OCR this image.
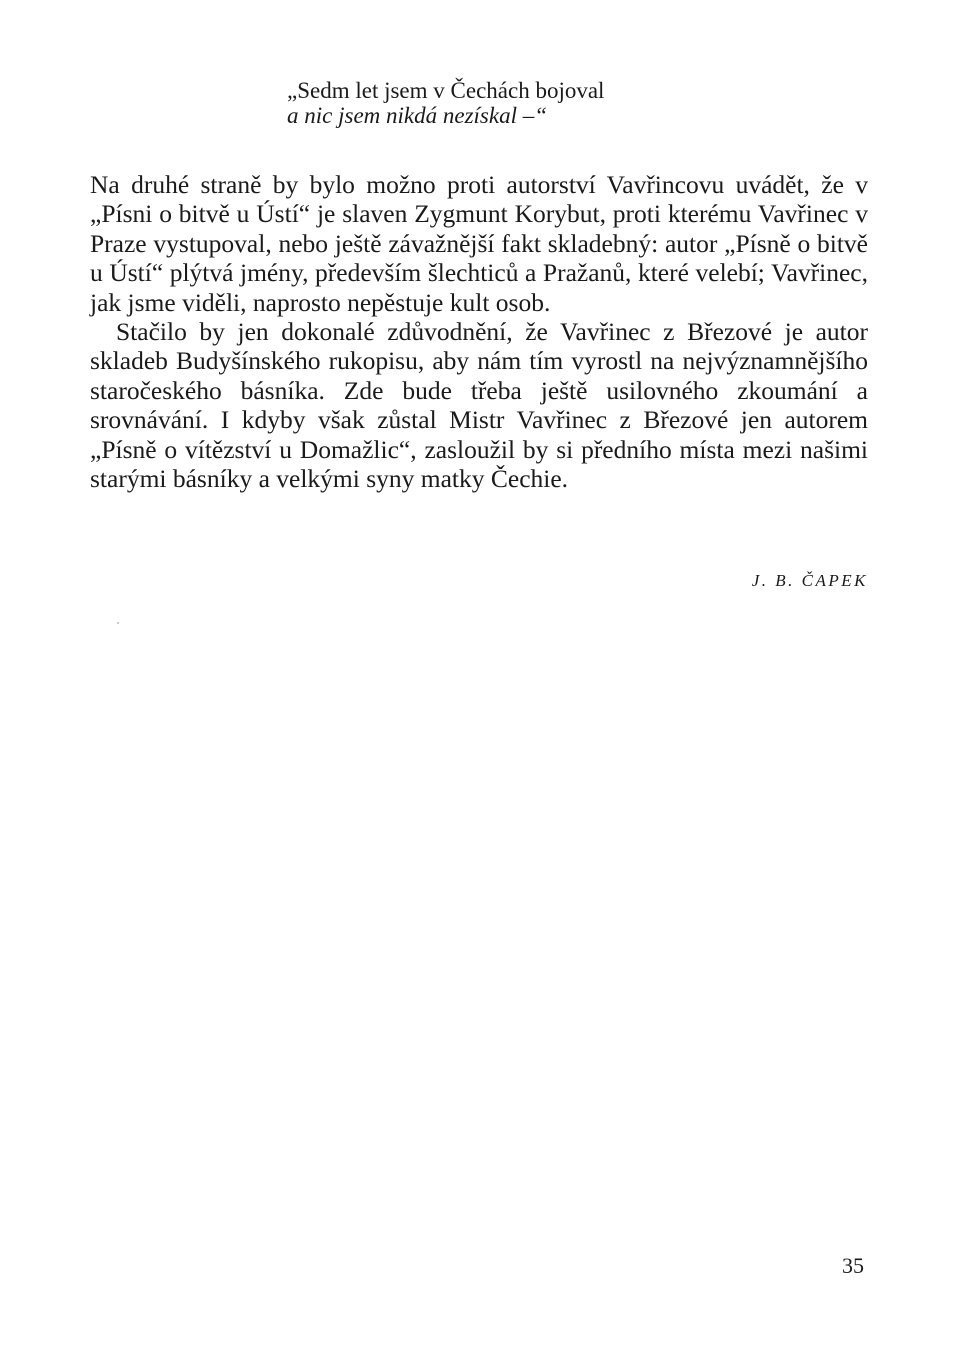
„Sedm let jsem v Čechách bojoval
a nic jsem nikdá nezískal –“

Na druhé straně by bylo možno proti autorství Vavřincovu uvádět, že v „Písni o bitvě u Ústí“ je slaven Zygmunt Korybut, proti kterému Vavřinec v Praze vystupoval, nebo ještě závažnější fakt skladebný: autor „Písně o bitvě u Ústí“ plýtvá jmény, především šlechticů a Pražanů, které velebí; Vavřinec, jak jsme viděli, naprosto nepěstuje kult osob.

Stačilo by jen dokonalé zdůvodnění, že Vavřinec z Březové je autor skladeb Budyšínského rukopisu, aby nám tím vyrostl na nejvýznamnějšího staročeského básníka. Zde bude třeba ještě usilovného zkoumání a srovnávání. I kdyby však zůstal Mistr Vavřinec z Březové jen autorem „Písně o vítězství u Domažlic“, zasloužil by si předního místa mezi našimi starými básníky a velkými syny matky Čechie.

J. B. ČAPEK
35
